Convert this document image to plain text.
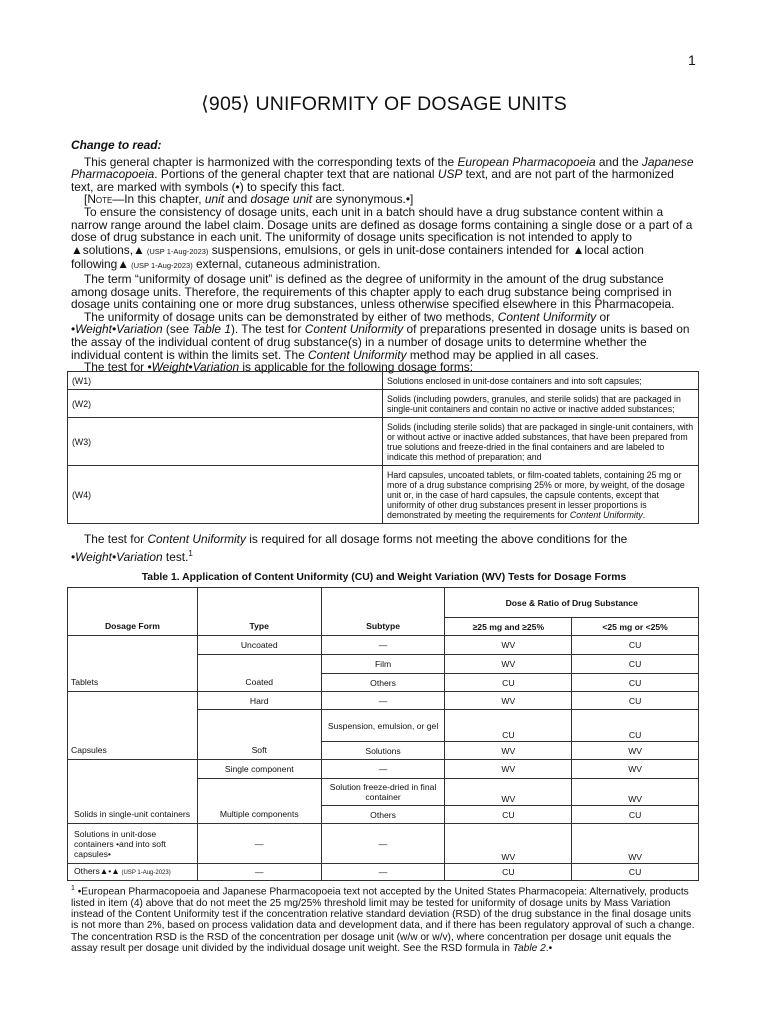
1
⟨905⟩ UNIFORMITY OF DOSAGE UNITS

Change to read:

This general chapter is harmonized with the corresponding texts of the European Pharmacopoeia and the Japanese Pharmacopoeia. Portions of the general chapter text that are national USP text, and are not part of the harmonized text, are marked with symbols (•) to specify this fact.

[Note—In this chapter, unit and dosage unit are synonymous.•]

To ensure the consistency of dosage units, each unit in a batch should have a drug substance content within a narrow range around the label claim. Dosage units are defined as dosage forms containing a single dose or a part of a dose of drug substance in each unit. The uniformity of dosage units specification is not intended to apply to ▲solutions,▲ (USP 1-Aug-2023) suspensions, emulsions, or gels in unit-dose containers intended for ▲local action following▲ (USP 1-Aug-2023) external, cutaneous administration.

The term “uniformity of dosage unit” is defined as the degree of uniformity in the amount of the drug substance among dosage units. Therefore, the requirements of this chapter apply to each drug substance being comprised in dosage units containing one or more drug substances, unless otherwise specified elsewhere in this Pharmacopeia.

The uniformity of dosage units can be demonstrated by either of two methods, Content Uniformity or •Weight•Variation (see Table 1). The test for Content Uniformity of preparations presented in dosage units is based on the assay of the individual content of drug substance(s) in a number of dosage units to determine whether the individual content is within the limits set. The Content Uniformity method may be applied in all cases.

The test for •Weight•Variation is applicable for the following dosage forms:

(W1)	Solutions enclosed in unit-dose containers and into soft capsules;
(W2)	Solids (including powders, granules, and sterile solids) that are packaged in single-unit containers and contain no active or inactive added substances;
(W3)	Solids (including sterile solids) that are packaged in single-unit containers, with or without active or inactive added substances, that have been prepared from true solutions and freeze-dried in the final containers and are labeled to indicate this method of preparation; and
(W4)	Hard capsules, uncoated tablets, or film-coated tablets, containing 25 mg or more of a drug substance comprising 25% or more, by weight, of the dosage unit or, in the case of hard capsules, the capsule contents, except that uniformity of other drug substances present in lesser proportions is demonstrated by meeting the requirements for Content Uniformity.

The test for Content Uniformity is required for all dosage forms not meeting the above conditions for the •Weight•Variation test.$^1$

Table 1. Application of Content Uniformity (CU) and Weight Variation (WV) Tests for Dosage Forms
			Dose & Ratio of Drug Substance	
Dosage Form	Type	Subtype	≥25 mg and ≥25%	<25 mg or <25%
	Uncoated	—	WV	CU
		Film	WV	CU
Tablets	Coated	Others	CU	CU
	Hard	—	WV	CU
		Suspension, emulsion, or gel	CU	CU
Capsules	Soft	Solutions	WV	WV
	Single component	—	WV	WV
		Solution freeze-dried in final container	WV	WV
Solids in single-unit containers	Multiple components	Others	CU	CU
Solutions in unit-dose containers •and into soft capsules•	—	—	WV	WV
Others▲•▲ (USP 1-Aug-2023)	—	—	CU	CU
$^1$ •European Pharmacopoeia and Japanese Pharmacopoeia text not accepted by the United States Pharmacopeia: Alternatively, products listed in item (4) above that do not meet the 25 mg/25% threshold limit may be tested for uniformity of dosage units by Mass Variation instead of the Content Uniformity test if the concentration relative standard deviation (RSD) of the drug substance in the final dosage units is not more than 2%, based on process validation data and development data, and if there has been regulatory approval of such a change. The concentration RSD is the RSD of the concentration per dosage unit (w/w or w/v), where concentration per dosage unit equals the assay result per dosage unit divided by the individual dosage unit weight. See the RSD formula in Table 2.•
